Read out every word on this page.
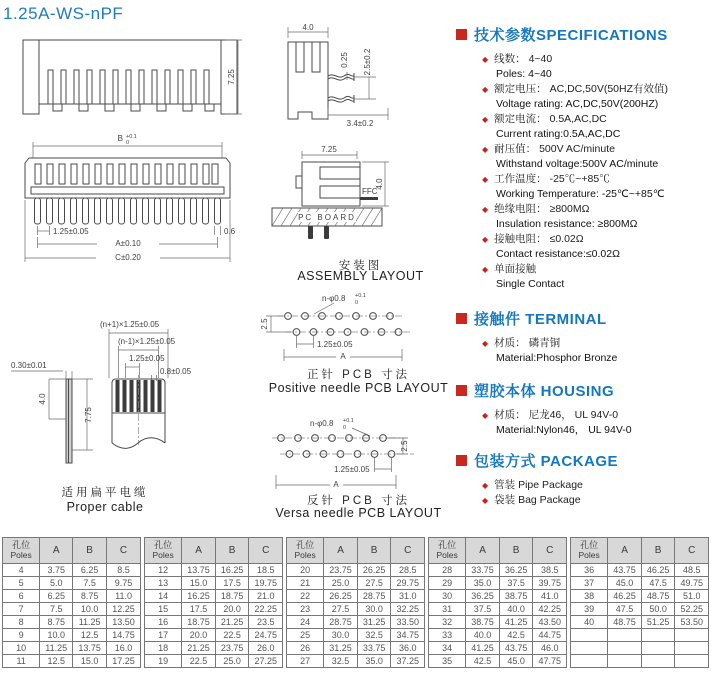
1.25A-WS-nPF
7.25
4.0
0.25 2.5±0.2
3.4±0.2
B +0.1
0
1.25±0.05	0.6
A±0.10
C±0.20
7.25
FFC
4.0
PC BOARD
安装图
ASSEMBLY LAYOUT
n-φ0.8 +0.1
0
2.5
1.25±0.05
A
正针 PCB 寸法
Positive needle PCB LAYOUT
(n+1)×1.25±0.05
(n-1)×1.25±0.05
1.25±0.05
0.8±0.05
0.30±0.01
4.0
7.75
适用扁平电缆
Proper cable
n-φ0.8 +0.1
0
2.5
1.25±0.05
A
反针 PCB 寸法
Versa needle PCB LAYOUT
技术参数SPECIFICATIONS
◆ 线数： 4~40
Poles: 4~40
◆ 额定电压： AC,DC,50V(50HZ有效值)
Voltage rating: AC,DC,50V(200HZ)
◆ 额定电流： 0.5A,AC,DC
Current rating:0.5A,AC,DC
◆ 耐压值： 500V AC/minute
Withstand voltage:500V AC/minute
◆ 工作温度： -25℃~+85℃
Working Temperature: -25℃~+85℃
◆ 绝缘电阻： ≥800MΩ
Insulation resistance: ≥800MΩ
◆ 接触电阻： ≤0.02Ω
Contact resistance:≤0.02Ω
◆ 单面接触
Single Contact
接触件 TERMINAL
◆ 材质： 磷青铜
Material:Phosphor Bronze
塑胶本体 HOUSING
◆ 材质： 尼龙46， UL 94V-0
Material:Nylon46， UL 94V-0
包装方式 PACKAGE
◆ 管装 Pipe Package
◆ 袋装 Bag Package
孔位
Poles	A	B	C
4	3.75	6.25	8.5
5	5.0	7.5	9.75
6	6.25	8.75	11.0
7	7.5	10.0	12.25
8	8.75	11.25	13.50
9	10.0	12.5	14.75
10	11.25	13.75	16.0
11	12.5	15.0	17.25
孔位
Poles	A	B	C
12	13.75	16.25	18.5
13	15.0	17.5	19.75
14	16.25	18.75	21.0
15	17.5	20.0	22.25
16	18.75	21.25	23.5
17	20.0	22.5	24.75
18	21.25	23.75	26.0
19	22.5	25.0	27.25
孔位
Poles	A	B	C
20	23.75	26.25	28.5
21	25.0	27.5	29.75
22	26.25	28.75	31.0
23	27.5	30.0	32.25
24	28.75	31.25	33.50
25	30.0	32.5	34.75
26	31.25	33.75	36.0
27	32.5	35.0	37.25
孔位
Poles	A	B	C
28	33.75	36.25	38.5
29	35.0	37.5	39.75
30	36.25	38.75	41.0
31	37.5	40.0	42.25
32	38.75	41.25	43.50
33	40.0	42.5	44.75
34	41.25	43.75	46.0
35	42.5	45.0	47.75
孔位
Poles	A	B	C
36	43.75	46.25	48.5
37	45.0	47.5	49.75
38	46.25	48.75	51.0
39	47.5	50.0	52.25
40	48.75	51.25	53.50
